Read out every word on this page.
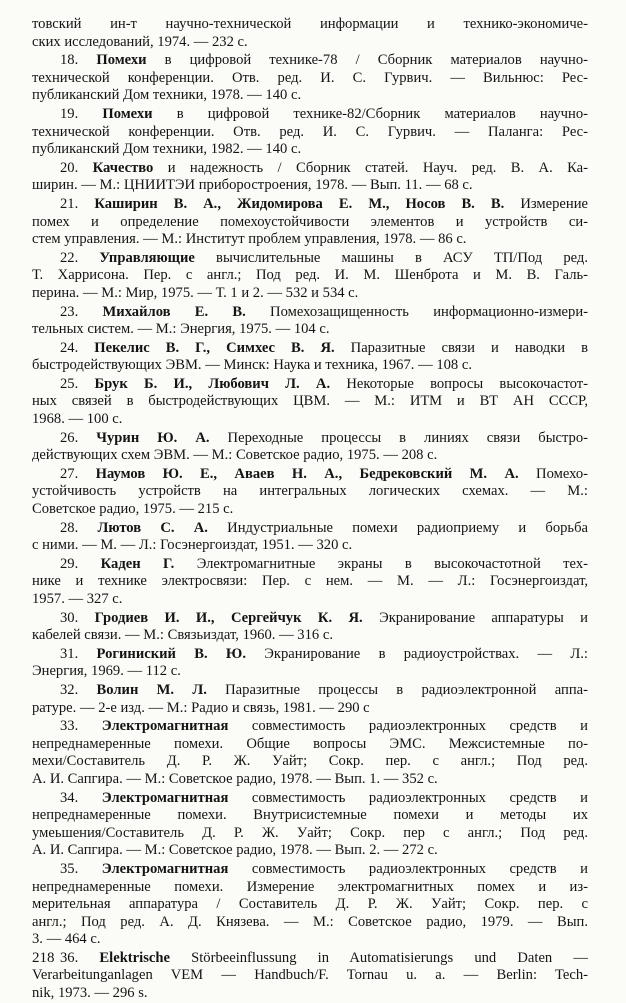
товский ин-т научно-технической информации и технико-экономиче-
ских исследований, 1974. — 232 с.

18. Помехи в цифровой технике-78 / Сборник материалов научно-
технической конференции. Отв. ред. И. С. Гурвич. — Вильнюс: Рес-
публиканский Дом техники, 1978. — 140 с.

19. Помехи в цифровой технике-82/Сборник материалов научно-
технической конференции. Отв. ред. И. С. Гурвич. — Паланга: Рес-
публиканский Дом техники, 1982. — 140 с.

20. Качество и надежность / Сборник статей. Науч. ред. В. А. Ка-
ширин. — М.: ЦНИИТЭИ приборостроения, 1978. — Вып. 11. — 68 с.

21. Каширин В. А., Жидомирова Е. М., Носов В. В. Измерение
помех и определение помехоустойчивости элементов и устройств си-
стем управления. — М.: Институт проблем управления, 1978. — 86 с.

22. Управляющие вычислительные машины в АСУ ТП/Под ред.
Т. Харрисона. Пер. с англ.; Под ред. И. М. Шенброта и М. В. Галь-
перина. — М.: Мир, 1975. — Т. 1 и 2. — 532 и 534 с.

23. Михайлов Е. В. Помехозащищенность информационно-измери-
тельных систем. — М.: Энергия, 1975. — 104 с.

24. Пекелис В. Г., Симхес В. Я. Паразитные связи и наводки в
быстродействующих ЭВМ. — Минск: Наука и техника, 1967. — 108 с.

25. Брук Б. И., Любович Л. А. Некоторые вопросы высокочастот-
ных связей в быстродействующих ЦВМ. — М.: ИТМ и ВТ АН СССР,
1968. — 100 с.

26. Чурин Ю. А. Переходные процессы в линиях связи быстро-
действующих схем ЭВМ. — М.: Советское радио, 1975. — 208 с.

27. Наумов Ю. Е., Аваев Н. А., Бедрековский М. А. Помехо-
устойчивость устройств на интегральных логических схемах. — М.:
Советское радио, 1975. — 215 с.

28. Лютов С. А. Индустриальные помехи радиоприему и борьба
с ними. — М. — Л.: Госэнергоиздат, 1951. — 320 с.

29. Каден Г. Электромагнитные экраны в высокочастотной тех-
нике и технике электросвязи: Пер. с нем. — М. — Л.: Госэнергоиздат,
1957. — 327 с.

30. Гродиев И. И., Сергейчук К. Я. Экранирование аппаратуры и
кабелей связи. — М.: Связьиздат, 1960. — 316 с.

31. Рогиниский В. Ю. Экранирование в радиоустройствах. — Л.:
Энергия, 1969. — 112 с.

32. Волин М. Л. Паразитные процессы в радиоэлектронной аппа-
ратуре. — 2-е изд. — М.: Радио и связь, 1981. — 290 с

33. Электромагнитная совместимость радиоэлектронных средств и
непреднамеренные помехи. Общие вопросы ЭМС. Межсистемные по-
мехи/Составитель Д. Р. Ж. Уайт; Сокр. пер. с англ.; Под ред.
А. И. Сапгира. — М.: Советское радио, 1978. — Вып. 1. — 352 с.

34. Электромагнитная совместимость радиоэлектронных средств и
непреднамеренные помехи. Внутрисистемные помехи и методы их
умеьшения/Составитель Д. Р. Ж. Уайт; Сокр. пер с англ.; Под ред.
А. И. Сапгира. — М.: Советское радио, 1978. — Вып. 2. — 272 с.

35. Электромагнитная совместимость радиоэлектронных средств и
непреднамеренные помехи. Измерение электромагнитных помех и из-
мерительная аппаратура / Составитель Д. Р. Ж. Уайт; Сокр. пер. с
англ.; Под ред. А. Д. Князева. — М.: Советское радио, 1979. — Вып.
3. — 464 с.

36. Elektrische Störbeeinflussung in Automatisierungs und Daten —
Verarbeitunganlagen VEM — Handbuch/F. Tornau u. a. — Berlin: Tech-
nik, 1973. — 296 s.

218
